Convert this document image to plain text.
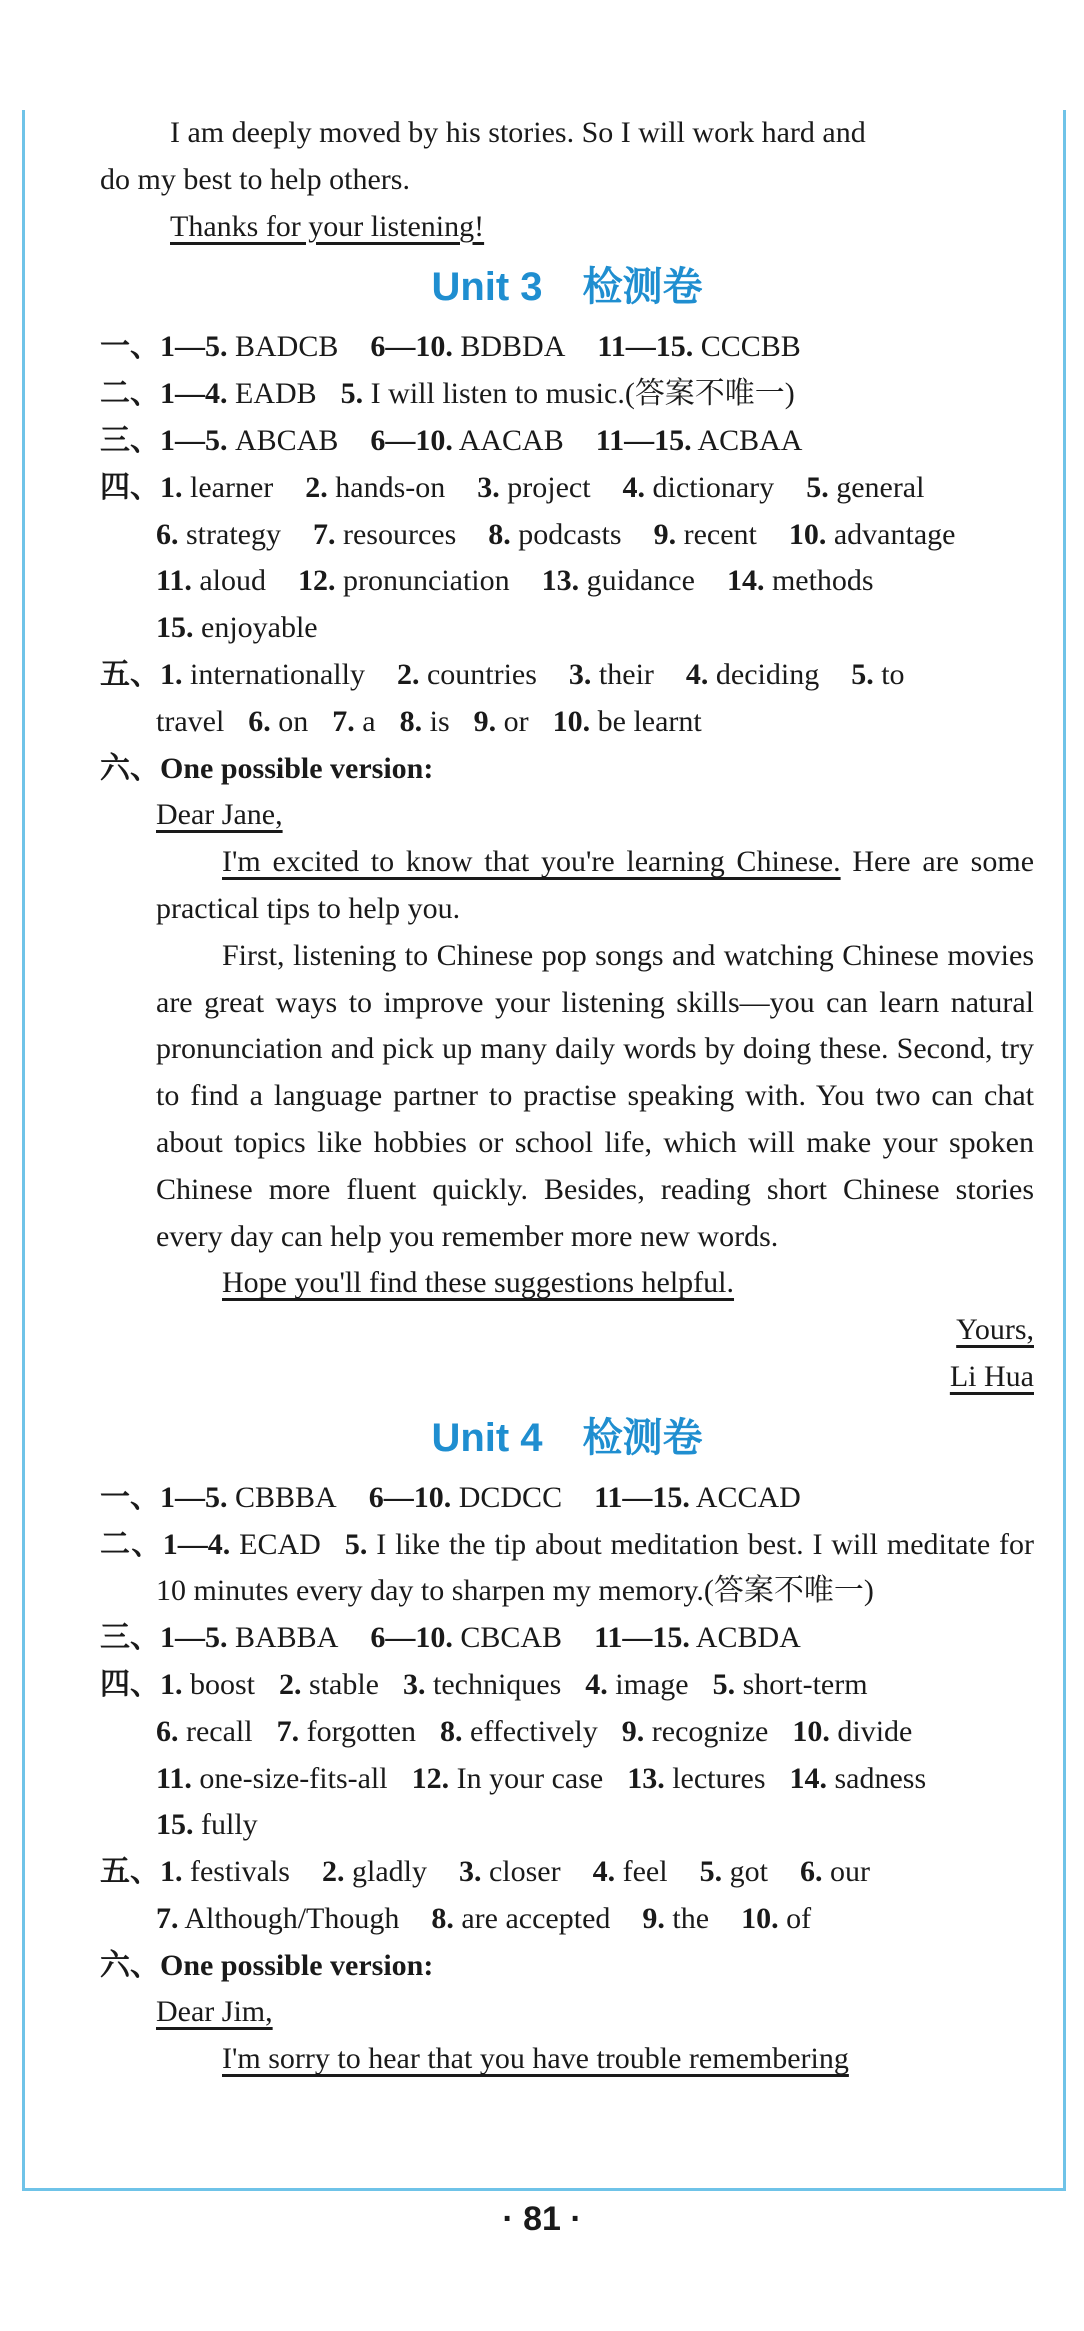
I am deeply moved by his stories. So I will work hard and

do my best to help others.

Thanks for your listening!

Unit 3　检测卷

一、1—5. BADCB 6—10. BDBDA 11—15. CCCBB

二、1—4. EADB 5. I will listen to music.(答案不唯一)

三、1—5. ABCAB 6—10. AACAB 11—15. ACBAA

四、1. learner 2. hands-on 3. project 4. dictionary 5. general

6. strategy 7. resources 8. podcasts 9. recent 10. advantage

11. aloud 12. pronunciation 13. guidance 14. methods

15. enjoyable

五、1. internationally 2. countries 3. their 4. deciding 5. to

travel 6. on 7. a 8. is 9. or 10. be learnt

六、One possible version:

Dear Jane,

I'm excited to know that you're learning Chinese. Here are some practical tips to help you.

First, listening to Chinese pop songs and watching Chinese movies are great ways to improve your listening skills—you can learn natural pronunciation and pick up many daily words by doing these. Second, try to find a language partner to practise speaking with. You two can chat about topics like hobbies or school life, which will make your spoken Chinese more fluent quickly. Besides, reading short Chinese stories every day can help you remember more new words.

Hope you'll find these suggestions helpful.

Yours,

Li Hua

Unit 4　检测卷

一、1—5. CBBBA 6—10. DCDCC 11—15. ACCAD

二、1—4. ECAD 5. I like the tip about meditation best. I will meditate for 10 minutes every day to sharpen my memory.(答案不唯一)

三、1—5. BABBA 6—10. CBCAB 11—15. ACBDA

四、1. boost 2. stable 3. techniques 4. image 5. short-term

6. recall 7. forgotten 8. effectively 9. recognize 10. divide

11. one-size-fits-all 12. In your case 13. lectures 14. sadness

15. fully

五、1. festivals 2. gladly 3. closer 4. feel 5. got 6. our

7. Although/Though 8. are accepted 9. the 10. of

六、One possible version:

Dear Jim,

I'm sorry to hear that you have trouble remembering

· 81 ·
